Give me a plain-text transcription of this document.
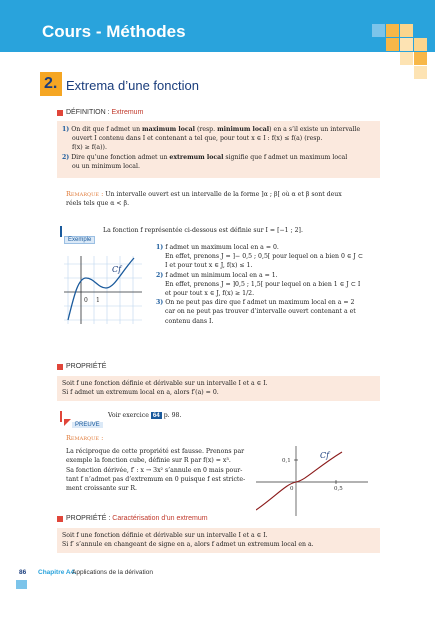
Cours - Méthodes
2. Extrema d’une fonction
DÉFINITION : Extremum
1) On dit que f admet un maximum local (resp. minimum local) en a s’il existe un intervalle
ouvert I contenu dans I et contenant a tel que, pour tout x ∈ I : f(x) ≤ f(a) (resp.
f(x) ≥ f(a)).
2) Dire qu’une fonction admet un extremum local signifie que f admet un maximum local
ou un minimum local.
Remarque : Un intervalle ouvert est un intervalle de la forme ]α ; β[ où α et β sont deux
réels tels que α < β.
Exemple
La fonction f représentée ci-dessous est définie sur I = [−1 ; 2].
Cf
0 1
1) f admet un maximum local en a = 0.
En effet, prenons J = ]− 0,5 ; 0,5[ pour lequel on a bien 0 ∈ J ⊂
I et pour tout x ∈ J, f(x) ≤ 1.
2) f admet un minimum local en a = 1.
En effet, prenons J = ]0,5 ; 1,5[ pour lequel on a bien 1 ∈ J ⊂ I
et pour tout x ∈ J, f(x) ≥ 1/2.
3) On ne peut pas dire que f admet un maximum local en a = 2
car on ne peut pas trouver d’intervalle ouvert contenant a et
contenu dans I.
PROPRIÉTÉ
Soit f une fonction définie et dérivable sur un intervalle I et a ∈ I.
Si f admet un extremum local en a, alors f′(a) = 0.
PREUVE
Voir exercice 64 p. 98.
Remarque :
La réciproque de cette propriété est fausse. Prenons par
exemple la fonction cube, définie sur R par f(x) = x³.
Sa fonction dérivée, f′ : x → 3x² s’annule en 0 mais pour-
tant f n’admet pas d’extremum en 0 puisque f est stricte-
ment croissante sur R.
Cf
0,1
0	0,5
PROPRIÉTÉ : Caractérisation d’un extremum
Soit f une fonction définie et dérivable sur un intervalle I et a ∈ I.
Si f′ s’annule en changeant de signe en a, alors f admet un extremum local en a.
86 Chapitre A4.
Applications de la dérivation
